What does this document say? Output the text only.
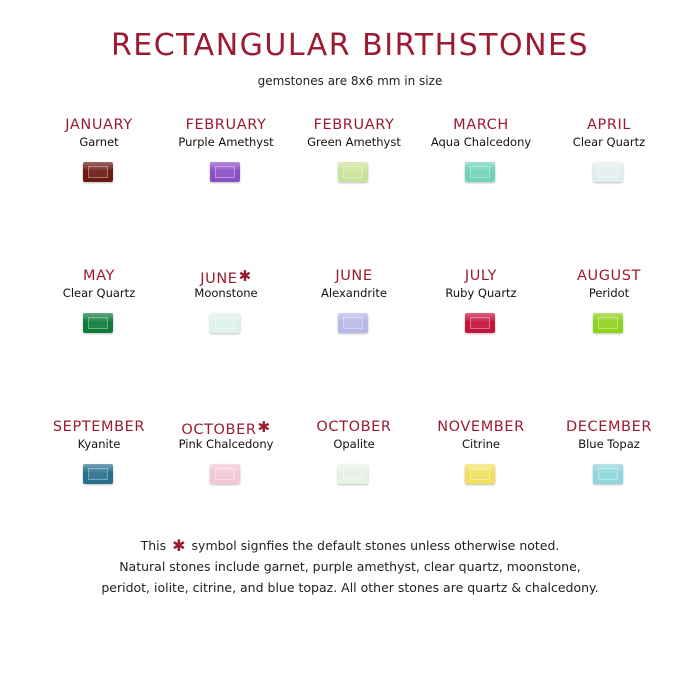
RECTANGULAR BIRTHSTONES
gemstones are 8x6 mm in size
JANUARY
Garnet
FEBRUARY
Purple Amethyst
FEBRUARY
Green Amethyst
MARCH
Aqua Chalcedony
APRIL
Clear Quartz
MAY
Clear Quartz
JUNE✱
Moonstone
JUNE
Alexandrite
JULY
Ruby Quartz
AUGUST
Peridot
SEPTEMBER
Kyanite
OCTOBER✱
Pink Chalcedony
OCTOBER
Opalite
NOVEMBER
Citrine
DECEMBER
Blue Topaz
This ✱ symbol signfies the default stones unless otherwise noted.
Natural stones include garnet, purple amethyst, clear quartz, moonstone,
peridot, iolite, citrine, and blue topaz. All other stones are quartz & chalcedony.
